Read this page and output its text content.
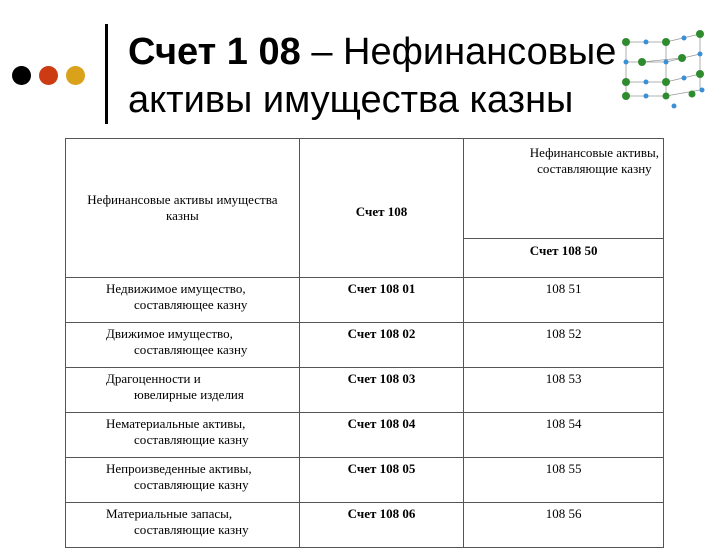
Счет 1 08 – Нефинансовые
активы имущества казны
Нефинансовые активы имущества казны	Счет 108	Нефинансовые активы,
составляющие казну
		Счет 108 50

Недвижимое имущество,
составляющее казну	Счет 108 01	108 51

Движимое имущество,
составляющее казну	Счет 108 02	108 52

Драгоценности и
ювелирные изделия	Счет 108 03	108 53

Нематериальные активы,
составляющие казну	Счет 108 04	108 54

Непроизведенные активы,
составляющие казну	Счет 108 05	108 55

Материальные запасы,
составляющие казну	Счет 108 06	108 56
